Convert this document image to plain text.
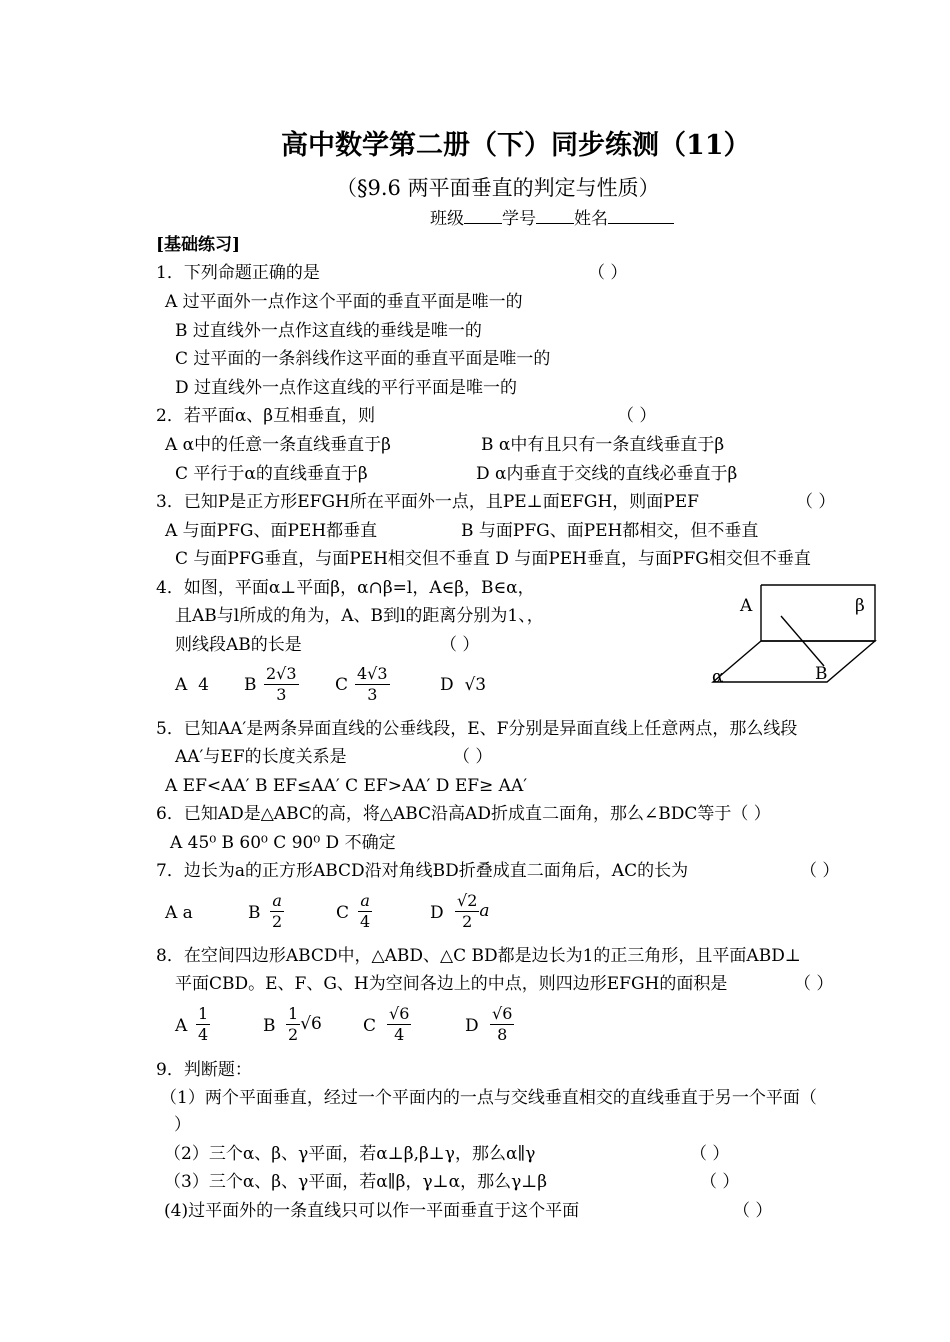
高中数学第二册（下）同步练测（11）
（§9.6 两平面垂直的判定与性质）
班级 学号 姓名
[基础练习]
1．下列命题正确的是	（ ）
A 过平面外一点作这个平面的垂直平面是唯一的
B 过直线外一点作这直线的垂线是唯一的
C 过平面的一条斜线作这平面的垂直平面是唯一的
D 过直线外一点作这直线的平行平面是唯一的
2．若平面α、β互相垂直，则	（ ）
A α中的任意一条直线垂直于β	B α中有且只有一条直线垂直于β
C 平行于α的直线垂直于β	D α内垂直于交线的直线必垂直于β
3．已知P是正方形EFGH所在平面外一点，且PE⊥面EFGH，则面PEF	（ ）
A 与面PFG、面PEH都垂直	B 与面PFG、面PEH都相交，但不垂直
C 与面PFG垂直，与面PEH相交但不垂直 D 与面PEH垂直，与面PFG相交但不垂直
4．如图，平面α⊥平面β，α∩β=l，A∈β，B∈α，
且AB与l所成的角为，A、B到l的距离分别为1、，
则线段AB的长是	（ ）
A 4 B $\frac{2√3}{3}$ C $\frac{4√3}{3}$	D √3
A
B
α
β
5．已知AA′是两条异面直线的公垂线段，E、F分别是异面直线上任意两点，那么线段
AA′与EF的长度关系是	（ ）
A EF<AA′ B EF≤AA′ C EF>AA′ D EF≥ AA′
6．已知AD是△ABC的高，将△ABC沿高AD折成直二面角，那么∠BDC等于（ ）
A 45⁰ B 60⁰ C 90⁰ D 不确定
7．边长为a的正方形ABCD沿对角线BD折叠成直二面角后，AC的长为	（ ）
A a	B $\frac{a}{2}$	C $\frac{a}{4}$	D $\frac{√2}{2}$ a
8．在空间四边形ABCD中，△ABD、△C BD都是边长为1的正三角形，且平面ABD⊥
平面CBD。E、F、G、H为空间各边上的中点，则四边形EFGH的面积是	（ ）
A $\frac{1}{4}$	B $\frac{1}{2} √6$ C $\frac{√6}{4}$	D $\frac{√6}{8}$
9．判断题：
（1）两个平面垂直，经过一个平面内的一点与交线垂直相交的直线垂直于另一个平面（
）
（2）三个α、β、γ平面，若α⊥β,β⊥γ，那么α∥γ	（ ）
（3）三个α、β、γ平面，若α∥β，γ⊥α，那么γ⊥β	（ ）
(4)过平面外的一条直线只可以作一平面垂直于这个平面	（ ）
